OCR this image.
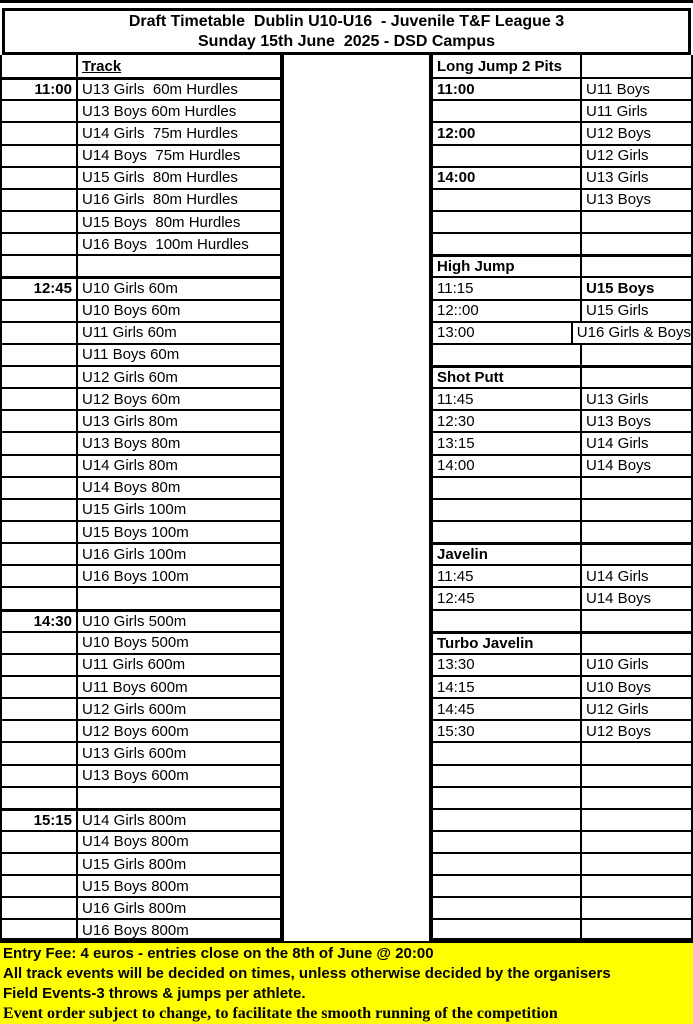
Draft Timetable  Dublin U10-U16  - Juvenile T&F League 3
Sunday 15th June  2025 - DSD Campus
Track
11:00 U13 Girls  60m Hurdles
U13 Boys 60m Hurdles
U14 Girls  75m Hurdles
U14 Boys  75m Hurdles
U15 Girls  80m Hurdles
U16 Girls  80m Hurdles
U15 Boys  80m Hurdles
U16 Boys  100m Hurdles
12:45 U10 Girls 60m
U10 Boys 60m
U11 Girls 60m
U11 Boys 60m
U12 Girls 60m
U12 Boys 60m
U13 Girls 80m
U13 Boys 80m
U14 Girls 80m
U14 Boys 80m
U15 Girls 100m
U15 Boys 100m
U16 Girls 100m
U16 Boys 100m
14:30 U10 Girls 500m
U10 Boys 500m
U11 Girls 600m
U11 Boys 600m
U12 Girls 600m
U12 Boys 600m
U13 Girls 600m
U13 Boys 600m
15:15 U14 Girls 800m
U14 Boys 800m
U15 Girls 800m
U15 Boys 800m
U16 Girls 800m
U16 Boys 800m
Long Jump 2 Pits
11:00	U11 Boys
U11 Girls
12:00	U12 Boys
U12 Girls
14:00	U13 Girls
U13 Boys
High Jump
11:15	U15 Boys
12::00	U15 Girls
13:00	U16 Girls & Boys
Shot Putt
11:45	U13 Girls
12:30	U13 Boys
13:15	U14 Girls
14:00	U14 Boys
Javelin
11:45	U14 Girls
12:45	U14 Boys
Turbo Javelin
13:30	U10 Girls
14:15	U10 Boys
14:45	U12 Girls
15:30	U12 Boys
Entry Fee: 4 euros - entries close on the 8th of June @ 20:00
All track events will be decided on times, unless otherwise decided by the organisers
Field Events-3 throws & jumps per athlete.
Event order subject to change, to facilitate the smooth running of the competition
